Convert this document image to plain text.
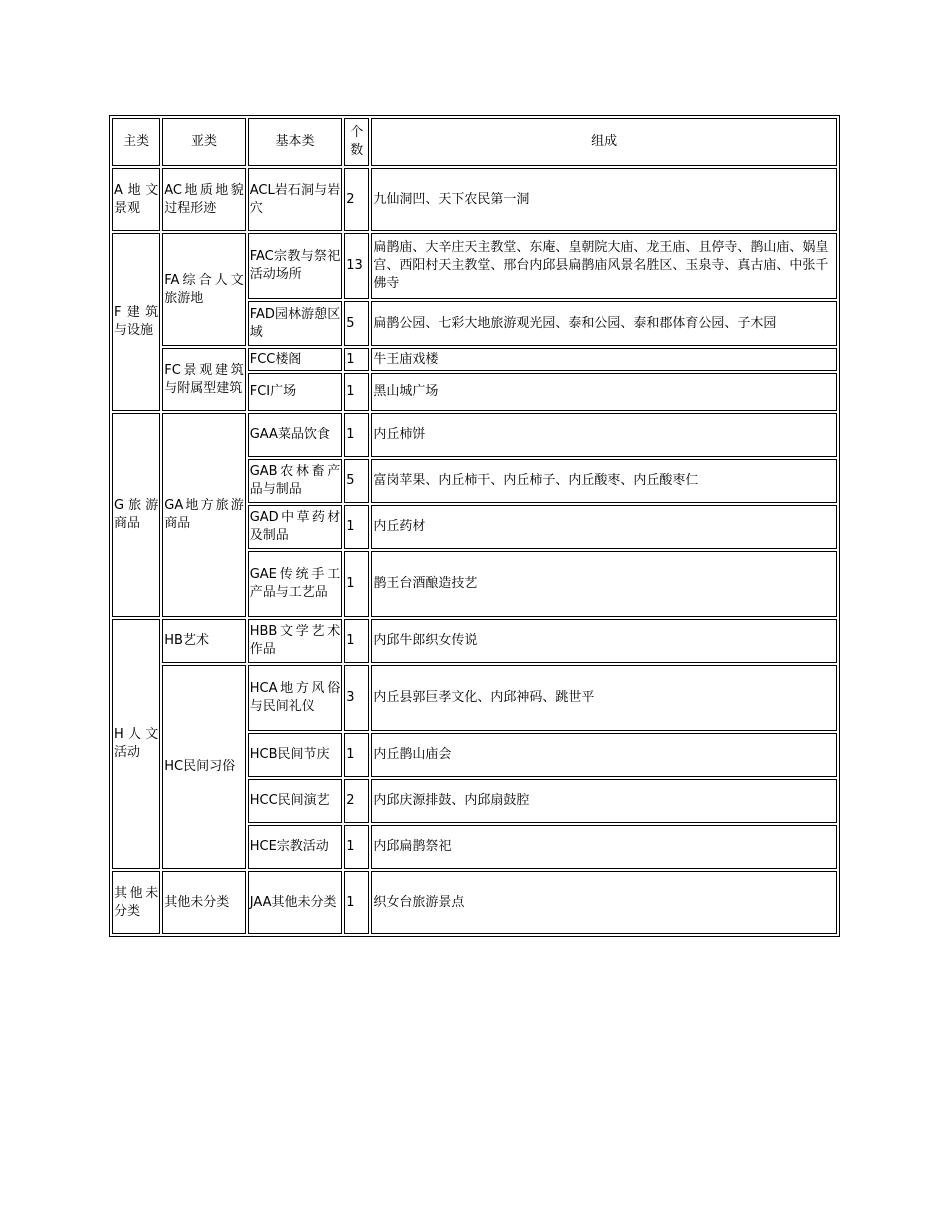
主类	亚类	基本类	个数	组成
A地文景观	AC地质地貌过程形迹	ACL岩石洞与岩穴	2	九仙洞凹、天下农民第一洞
F建筑与设施	FA综合人文旅游地	FAC宗教与祭祀活动场所	13	扁鹊庙、大辛庄天主教堂、东庵、皇朝院大庙、龙王庙、且停寺、鹊山庙、娲皇宫、西阳村天主教堂、邢台内邱县扁鹊庙风景名胜区、玉泉寺、真古庙、中张千佛寺
		FAD园林游憩区域	5	扁鹊公园、七彩大地旅游观光园、泰和公园、泰和郡体育公园、子木园
	FC景观建筑与附属型建筑	FCC楼阁	1	牛王庙戏楼
		FCI广场	1	黑山城广场
G旅游商品	GA地方旅游商品	GAA菜品饮食	1	内丘柿饼
		GAB农林畜产品与制品	5	富岗苹果、内丘柿干、内丘柿子、内丘酸枣、内丘酸枣仁
		GAD中草药材及制品	1	内丘药材
		GAE传统手工产品与工艺品	1	鹊王台酒酿造技艺
H人文活动	HB艺术	HBB文学艺术作品	1	内邱牛郎织女传说
	HC民间习俗	HCA地方风俗与民间礼仪	3	内丘县郭巨孝文化、内邱神码、跳世平
		HCB民间节庆	1	内丘鹊山庙会
		HCC民间演艺	2	内邱庆源排鼓、内邱扇鼓腔
		HCE宗教活动	1	内邱扁鹊祭祀
其他未分类	其他未分类	JAA其他未分类	1	织女台旅游景点
